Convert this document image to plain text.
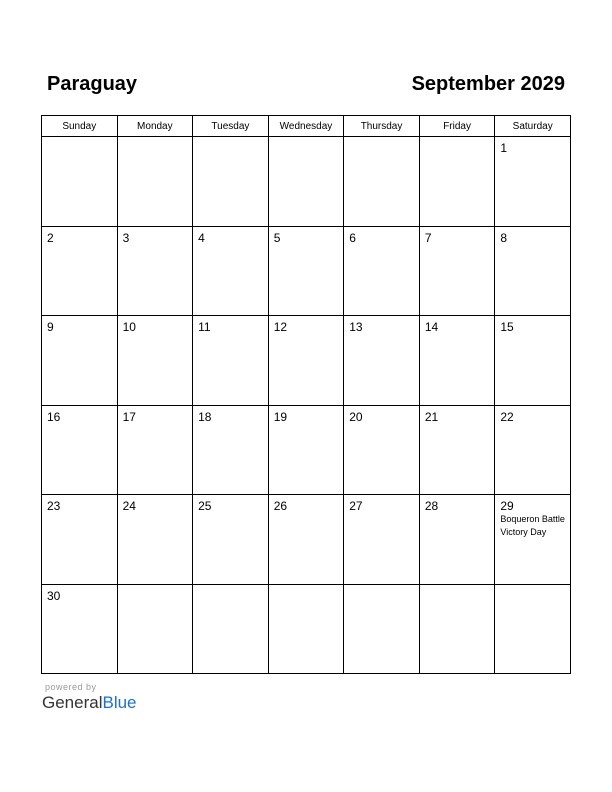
Paraguay	September 2029
Sunday	Monday	Tuesday	Wednesday	Thursday	Friday	Saturday

						1

2	3	4	5	6	7	8

9	10	11	12	13	14	15

16	17	18	19	20	21	22

23	24	25	26	27	28	29
Boqueron Battle Victory Day

30						

powered by
GeneralBlue
